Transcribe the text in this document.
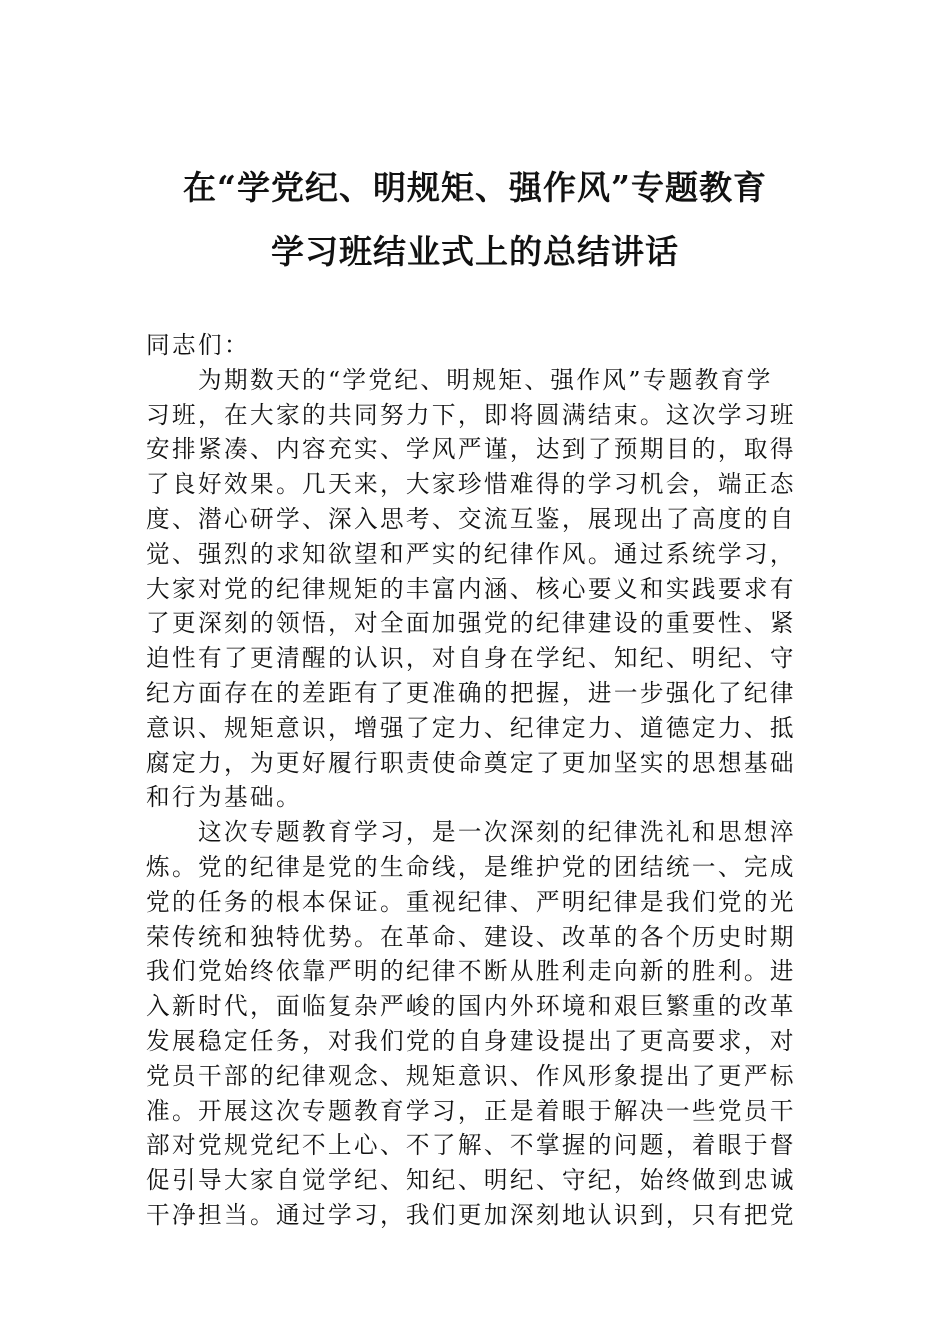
在“学党纪、明规矩、强作风”专题教育
学习班结业式上的总结讲话
同志们：
　　为期数天的“学党纪、明规矩、强作风”专题教育学
习班，在大家的共同努力下，即将圆满结束。这次学习班
安排紧凑、内容充实、学风严谨，达到了预期目的，取得
了良好效果。几天来，大家珍惜难得的学习机会，端正态
度、潜心研学、深入思考、交流互鉴，展现出了高度的自
觉、强烈的求知欲望和严实的纪律作风。通过系统学习，
大家对党的纪律规矩的丰富内涵、核心要义和实践要求有
了更深刻的领悟，对全面加强党的纪律建设的重要性、紧
迫性有了更清醒的认识，对自身在学纪、知纪、明纪、守
纪方面存在的差距有了更准确的把握，进一步强化了纪律
意识、规矩意识，增强了定力、纪律定力、道德定力、抵
腐定力，为更好履行职责使命奠定了更加坚实的思想基础
和行为基础。
　　这次专题教育学习，是一次深刻的纪律洗礼和思想淬
炼。党的纪律是党的生命线，是维护党的团结统一、完成
党的任务的根本保证。重视纪律、严明纪律是我们党的光
荣传统和独特优势。在革命、建设、改革的各个历史时期
我们党始终依靠严明的纪律不断从胜利走向新的胜利。进
入新时代，面临复杂严峻的国内外环境和艰巨繁重的改革
发展稳定任务，对我们党的自身建设提出了更高要求，对
党员干部的纪律观念、规矩意识、作风形象提出了更严标
准。开展这次专题教育学习，正是着眼于解决一些党员干
部对党规党纪不上心、不了解、不掌握的问题，着眼于督
促引导大家自觉学纪、知纪、明纪、守纪，始终做到忠诚
干净担当。通过学习，我们更加深刻地认识到，只有把党
